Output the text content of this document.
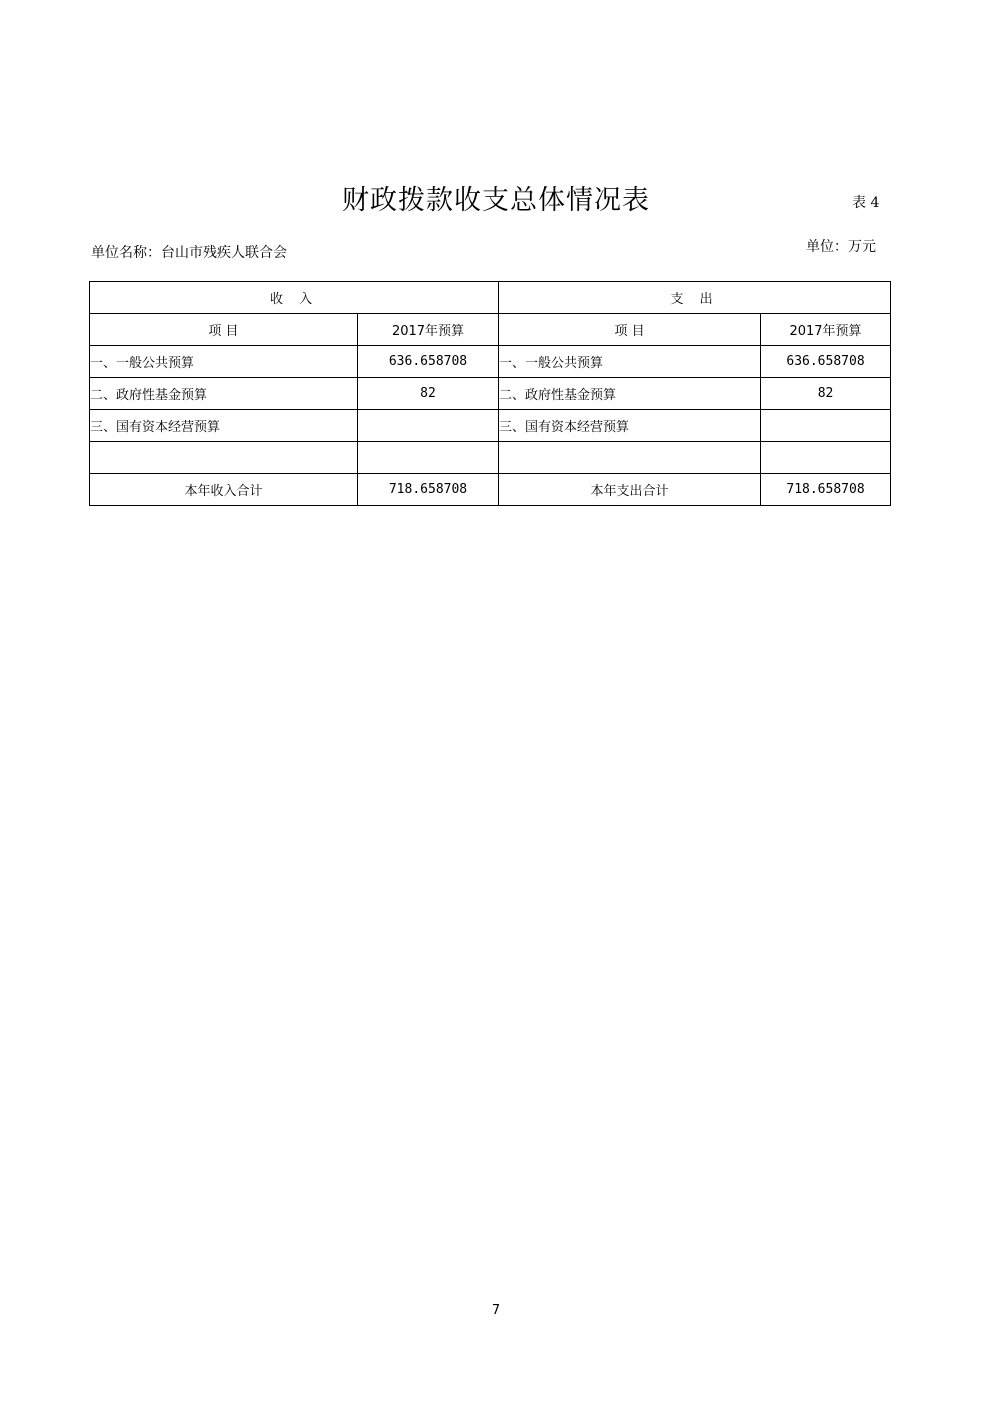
财政拨款收支总体情况表	表 4
单位名称：台山市残疾人联合会	单位：万元
收 入		支 出	
项 目	2017年预算	项 目	2017年预算
一、一般公共预算	636.658708	一、一般公共预算	636.658708
二、政府性基金预算	82	二、政府性基金预算	82
三、国有资本经营预算		三、国有资本经营预算	

本年收入合计	718.658708	本年支出合计	718.658708
7
